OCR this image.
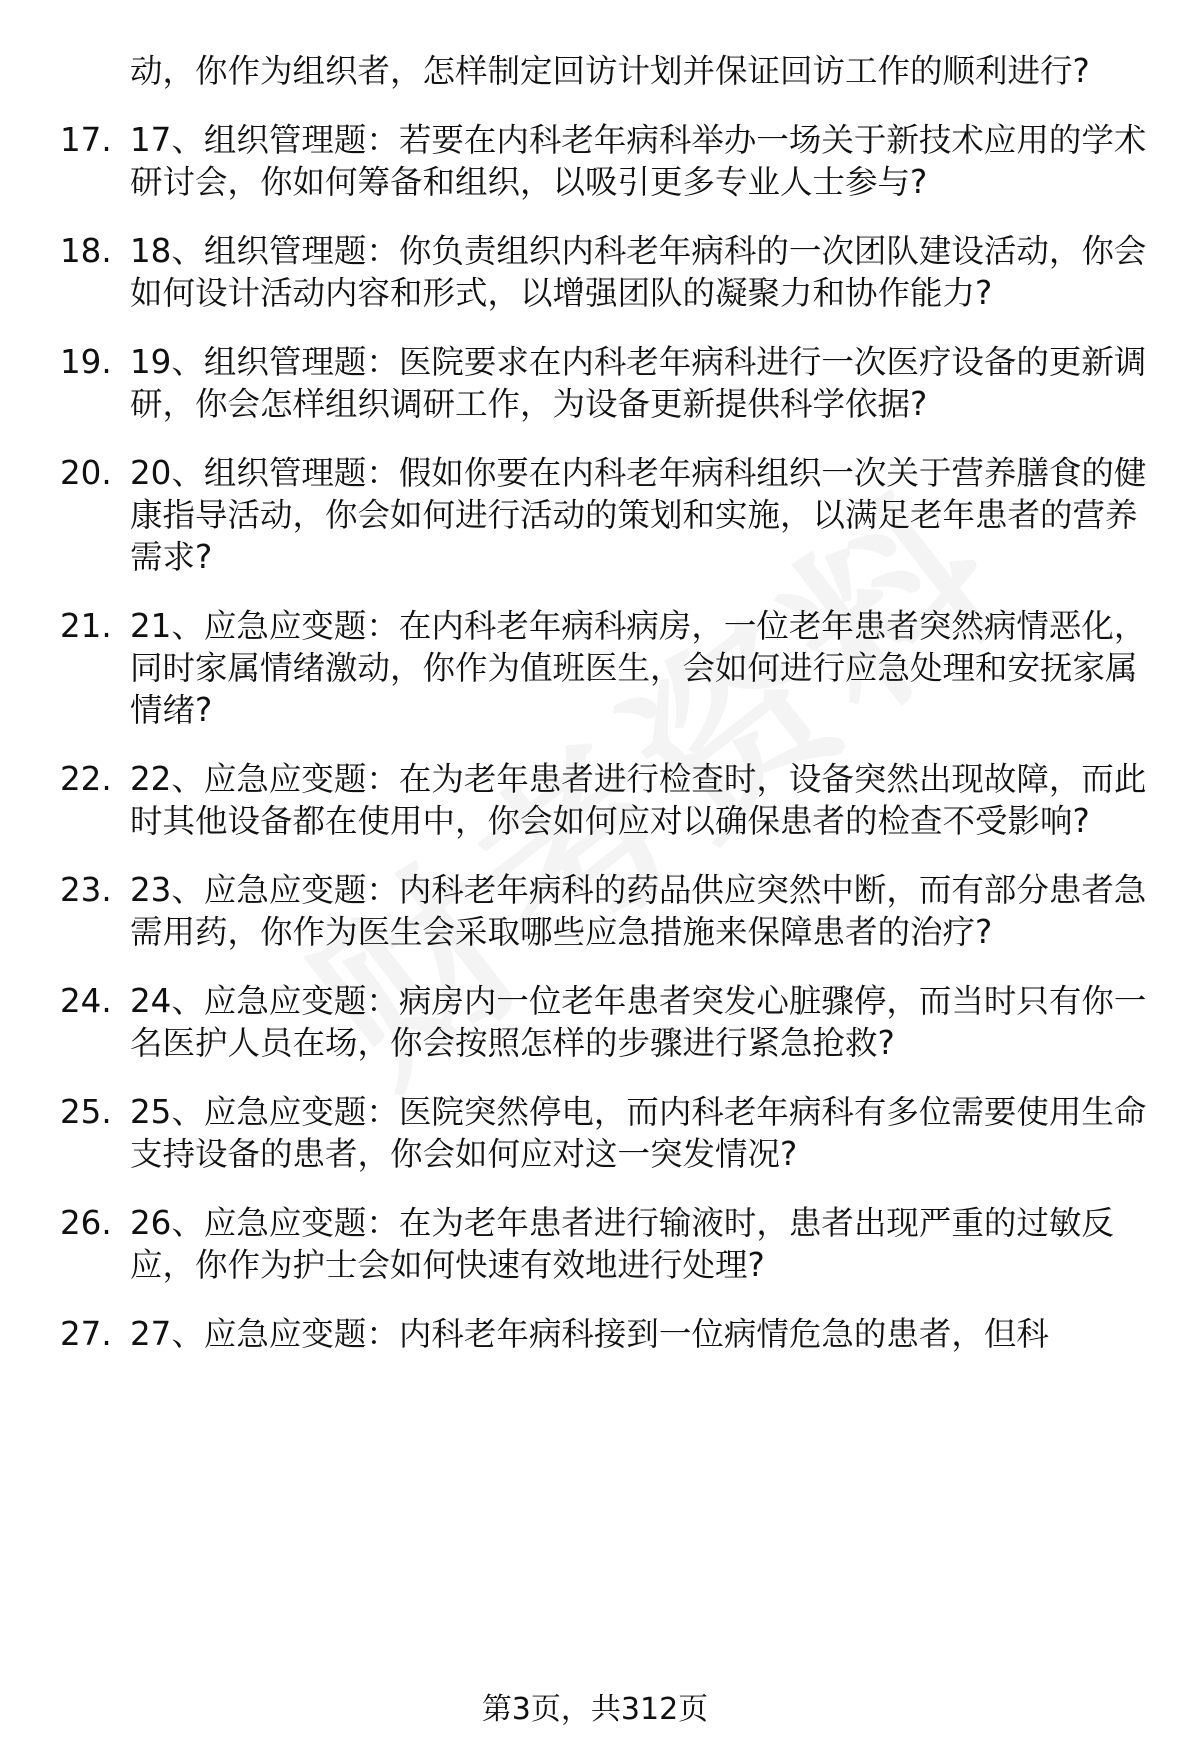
动，你作为组织者，怎样制定回访计划并保证回访工作的顺利进行?
17. 17、组织管理题：若要在内科老年病科举办一场关于新技术应用的学术研讨会，你如何筹备和组织，以吸引更多专业人士参与?
18. 18、组织管理题：你负责组织内科老年病科的一次团队建设活动，你会如何设计活动内容和形式，以增强团队的凝聚力和协作能力?
19. 19、组织管理题：医院要求在内科老年病科进行一次医疗设备的更新调研，你会怎样组织调研工作，为设备更新提供科学依据?
20. 20、组织管理题：假如你要在内科老年病科组织一次关于营养膳食的健康指导活动，你会如何进行活动的策划和实施，以满足老年患者的营养需求?
21. 21、应急应变题：在内科老年病科病房，一位老年患者突然病情恶化，同时家属情绪激动，你作为值班医生，会如何进行应急处理和安抚家属情绪?
22. 22、应急应变题：在为老年患者进行检查时，设备突然出现故障，而此时其他设备都在使用中，你会如何应对以确保患者的检查不受影响?
23. 23、应急应变题：内科老年病科的药品供应突然中断，而有部分患者急需用药，你作为医生会采取哪些应急措施来保障患者的治疗?
24. 24、应急应变题：病房内一位老年患者突发心脏骤停，而当时只有你一名医护人员在场，你会按照怎样的步骤进行紧急抢救?
25. 25、应急应变题：医院突然停电，而内科老年病科有多位需要使用生命支持设备的患者，你会如何应对这一突发情况?
26. 26、应急应变题：在为老年患者进行输液时，患者出现严重的过敏反应，你作为护士会如何快速有效地进行处理?
27. 27、应急应变题：内科老年病科接到一位病情危急的患者，但科
第3页，共312页
